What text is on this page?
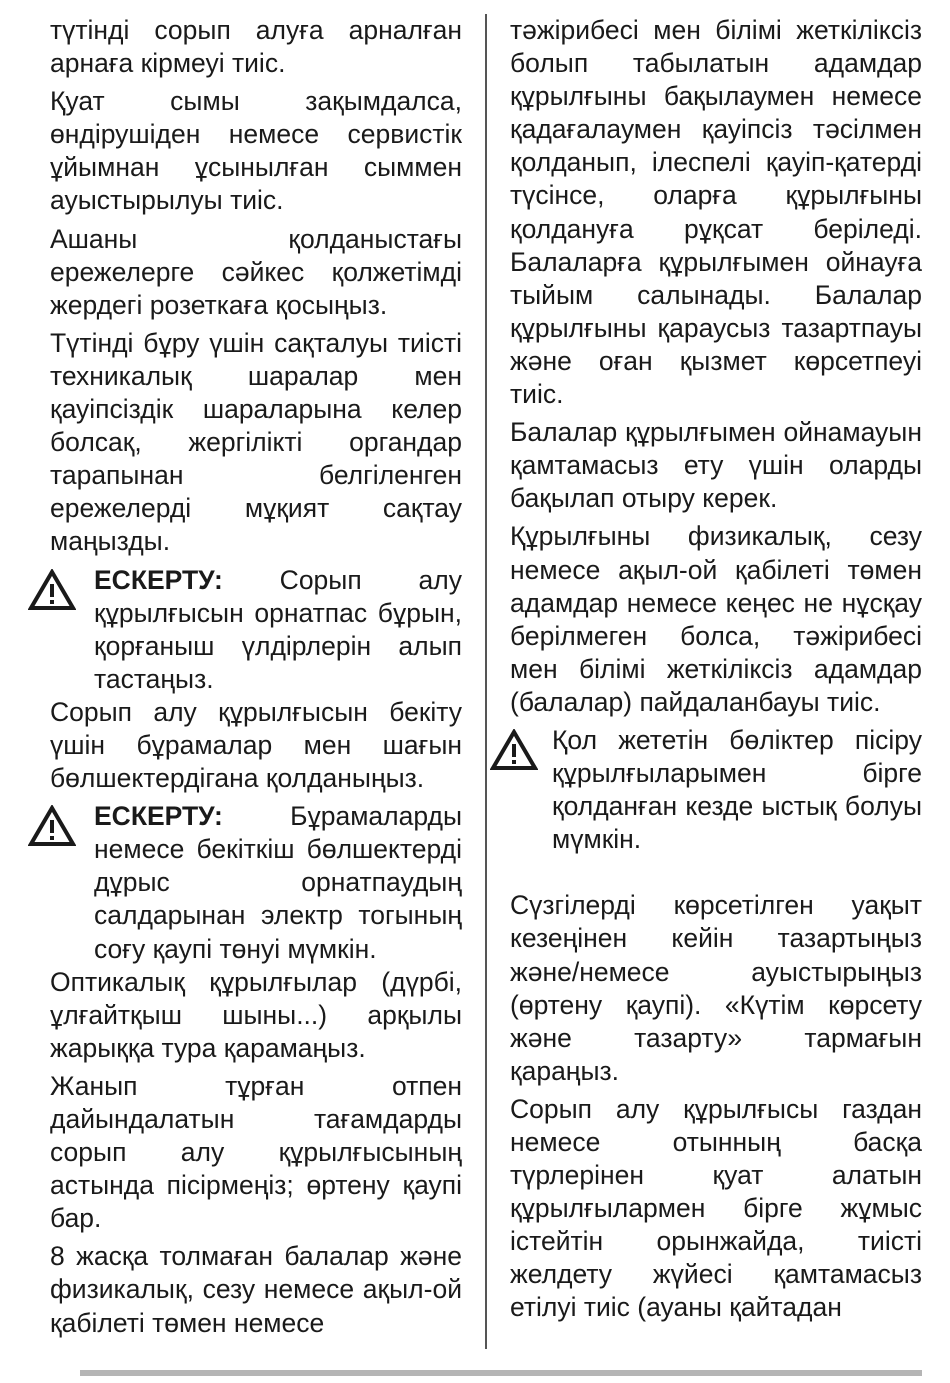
түтінді сорып алуға арналған арнаға кірмеуі тиіс.

Қуат сымы зақымдалса, өндірушіден немесе сервистік ұйымнан ұсынылған сыммен ауыстырылуы тиіс.

Ашаны қолданыстағы ережелерге сәйкес қолжетімді жердегі розеткаға қосыңыз.

Түтінді бұру үшін сақталуы тиісті техникалық шаралар мен қауіпсіздік шараларына келер болсақ, жергілікті органдар тарапынан белгіленген ережелерді мұқият сақтау маңызды.

ЕСКЕРТУ: Сорып алу құрылғысын орнатпас бұрын, қорғаныш үлдірлерін алып тастаңыз.

Сорып алу құрылғысын бекіту үшін бұрамалар мен шағын бөлшектердігана қолданыңыз.

ЕСКЕРТУ: Бұрамаларды немесе бекіткіш бөлшектерді дұрыс орнатпаудың салдарынан электр тогының соғу қаупі төнуі мүмкін.

Оптикалық құрылғылар (дүрбі, ұлғайтқыш шыны...) арқылы жарыққа тура қарамаңыз.

Жанып тұрған отпен дайындалатын тағамдарды сорып алу құрылғысының астында пісірмеңіз; өртену қаупі бар.

8 жасқа толмаған балалар және физикалық, сезу немесе ақыл-ой қабілеті төмен немесе

тәжірибесі мен білімі жеткіліксіз болып табылатын адамдар құрылғыны бақылаумен немесе қадағалаумен қауіпсіз тәсілмен қолданып, ілеспелі қауіп-қатерді түсінсе, оларға құрылғыны қолдануға рұқсат беріледі. Балаларға құрылғымен ойнауға тыйым салынады. Балалар құрылғыны қараусыз тазартпауы және оған қызмет көрсетпеуі тиіс.

Балалар құрылғымен ойнамауын қамтамасыз ету үшін оларды бақылап отыру керек.

Құрылғыны физикалық, сезу немесе ақыл-ой қабілеті төмен адамдар немесе кеңес не нұсқау берілмеген болса, тәжірибесі мен білімі жеткіліксіз адамдар (балалар) пайдаланбауы тиіс.

Қол жететін бөліктер пісіру құрылғыларымен бірге қолданған кезде ыстық болуы мүмкін.

Сүзгілерді көрсетілген уақыт кезеңінен кейін тазартыңыз және/немесе ауыстырыңыз (өртену қаупі). «Күтім көрсету және тазарту» тармағын қараңыз.

Сорып алу құрылғысы газдан немесе отынның басқа түрлерінен қуат алатын құрылғылармен бірге жұмыс істейтін орынжайда, тиісті желдету жүйесі қамтамасыз етілуі тиіс (ауаны қайтадан
